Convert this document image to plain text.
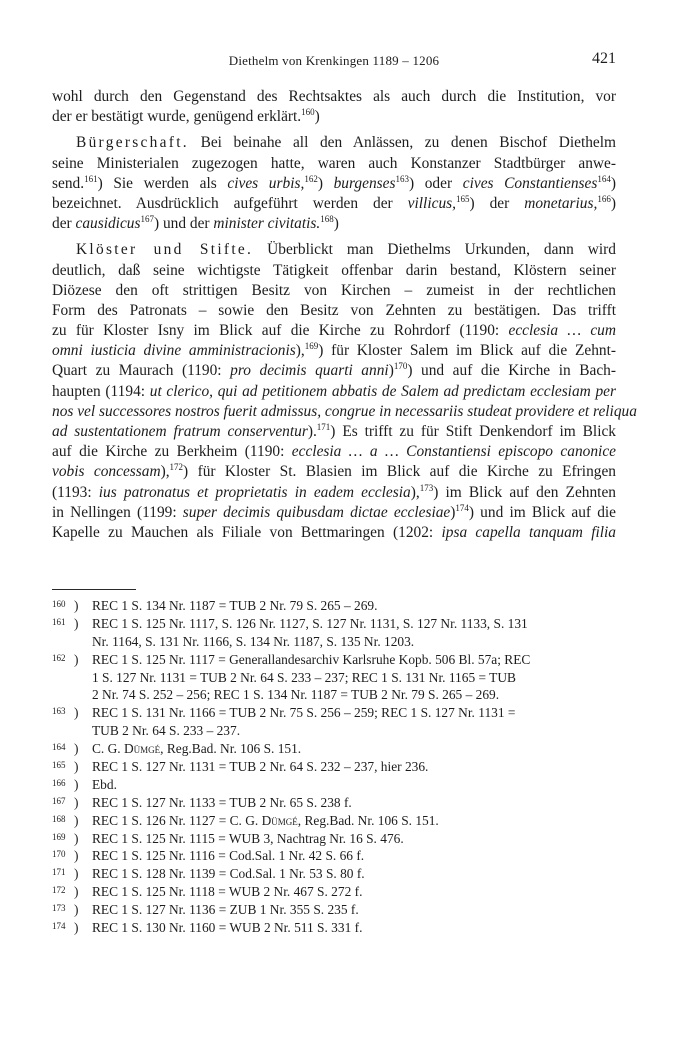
Diethelm von Krenkingen 1189 – 1206	421
wohl durch den Gegenstand des Rechtsaktes als auch durch die Institution, vor
der er bestätigt wurde, genügend erklärt.$^{160}$)
Bürgerschaft. Bei beinahe all den Anlässen, zu denen Bischof Diethelm
seine Ministerialen zugezogen hatte, waren auch Konstanzer Stadtbürger anwe-
send.$^{161}$) Sie werden als cives urbis,$^{162}$) burgenses$^{163}$) oder cives Constantienses$^{164}$)
bezeichnet. Ausdrücklich aufgeführt werden der villicus,$^{165}$) der monetarius,$^{166}$)
der causidicus$^{167}$) und der minister civitatis.$^{168}$)
Klöster und Stifte. Überblickt man Diethelms Urkunden, dann wird
deutlich, daß seine wichtigste Tätigkeit offenbar darin bestand, Klöstern seiner
Diözese den oft strittigen Besitz von Kirchen – zumeist in der rechtlichen
Form des Patronats – sowie den Besitz von Zehnten zu bestätigen. Das trifft
zu für Kloster Isny im Blick auf die Kirche zu Rohrdorf (1190: ecclesia … cum
omni iusticia divine amministracionis),$^{169}$) für Kloster Salem im Blick auf die Zehnt-
Quart zu Maurach (1190: pro decimis quarti anni)$^{170}$) und auf die Kirche in Bach-
haupten (1194: ut clerico, qui ad petitionem abbatis de Salem ad predictam ecclesiam per
nos vel successores nostros fuerit admissus, congrue in necessariis studeat providere et reliqua
ad sustentationem fratrum conserventur).$^{171}$) Es trifft zu für Stift Denkendorf im Blick
auf die Kirche zu Berkheim (1190: ecclesia … a … Constantiensi episcopo canonice
vobis concessam),$^{172}$) für Kloster St. Blasien im Blick auf die Kirche zu Efringen
(1193: ius patronatus et proprietatis in eadem ecclesia),$^{173}$) im Blick auf den Zehnten
in Nellingen (1199: super decimis quibusdam dictae ecclesiae)$^{174}$) und im Blick auf die
Kapelle zu Mauchen als Filiale von Bettmaringen (1202: ipsa capella tanquam filia
160 ) REC 1 S. 134 Nr. 1187 = TUB 2 Nr. 79 S. 265 – 269.
161 ) REC 1 S. 125 Nr. 1117, S. 126 Nr. 1127, S. 127 Nr. 1131, S. 127 Nr. 1133, S. 131
Nr. 1164, S. 131 Nr. 1166, S. 134 Nr. 1187, S. 135 Nr. 1203.
162 ) REC 1 S. 125 Nr. 1117 = Generallandesarchiv Karlsruhe Kopb. 506 Bl. 57a; REC
1 S. 127 Nr. 1131 = TUB 2 Nr. 64 S. 233 – 237; REC 1 S. 131 Nr. 1165 = TUB
2 Nr. 74 S. 252 – 256; REC 1 S. 134 Nr. 1187 = TUB 2 Nr. 79 S. 265 – 269.
163 ) REC 1 S. 131 Nr. 1166 = TUB 2 Nr. 75 S. 256 – 259; REC 1 S. 127 Nr. 1131 =
TUB 2 Nr. 64 S. 233 – 237.
164 ) C. G. Dümgé, Reg.Bad. Nr. 106 S. 151.
165 ) REC 1 S. 127 Nr. 1131 = TUB 2 Nr. 64 S. 232 – 237, hier 236.
166 ) Ebd.
167 ) REC 1 S. 127 Nr. 1133 = TUB 2 Nr. 65 S. 238 f.
168 ) REC 1 S. 126 Nr. 1127 = C. G. Dümgé, Reg.Bad. Nr. 106 S. 151.
169 ) REC 1 S. 125 Nr. 1115 = WUB 3, Nachtrag Nr. 16 S. 476.
170 ) REC 1 S. 125 Nr. 1116 = Cod.Sal. 1 Nr. 42 S. 66 f.
171 ) REC 1 S. 128 Nr. 1139 = Cod.Sal. 1 Nr. 53 S. 80 f.
172 ) REC 1 S. 125 Nr. 1118 = WUB 2 Nr. 467 S. 272 f.
173 ) REC 1 S. 127 Nr. 1136 = ZUB 1 Nr. 355 S. 235 f.
174 ) REC 1 S. 130 Nr. 1160 = WUB 2 Nr. 511 S. 331 f.
